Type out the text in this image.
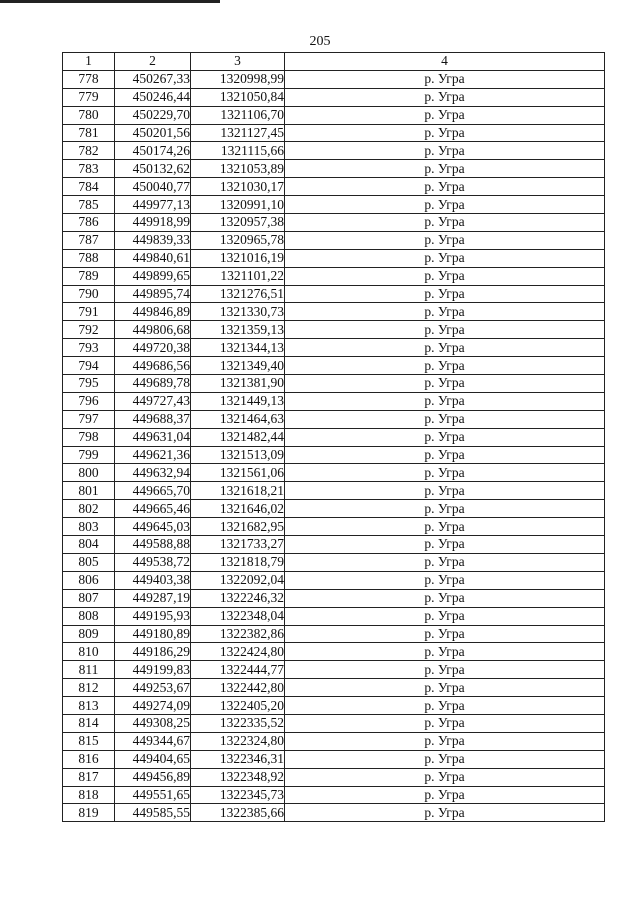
205
1	2	3	4
778	450267,33	1320998,99	р. Угра
779	450246,44	1321050,84	р. Угра
780	450229,70	1321106,70	р. Угра
781	450201,56	1321127,45	р. Угра
782	450174,26	1321115,66	р. Угра
783	450132,62	1321053,89	р. Угра
784	450040,77	1321030,17	р. Угра
785	449977,13	1320991,10	р. Угра
786	449918,99	1320957,38	р. Угра
787	449839,33	1320965,78	р. Угра
788	449840,61	1321016,19	р. Угра
789	449899,65	1321101,22	р. Угра
790	449895,74	1321276,51	р. Угра
791	449846,89	1321330,73	р. Угра
792	449806,68	1321359,13	р. Угра
793	449720,38	1321344,13	р. Угра
794	449686,56	1321349,40	р. Угра
795	449689,78	1321381,90	р. Угра
796	449727,43	1321449,13	р. Угра
797	449688,37	1321464,63	р. Угра
798	449631,04	1321482,44	р. Угра
799	449621,36	1321513,09	р. Угра
800	449632,94	1321561,06	р. Угра
801	449665,70	1321618,21	р. Угра
802	449665,46	1321646,02	р. Угра
803	449645,03	1321682,95	р. Угра
804	449588,88	1321733,27	р. Угра
805	449538,72	1321818,79	р. Угра
806	449403,38	1322092,04	р. Угра
807	449287,19	1322246,32	р. Угра
808	449195,93	1322348,04	р. Угра
809	449180,89	1322382,86	р. Угра
810	449186,29	1322424,80	р. Угра
811	449199,83	1322444,77	р. Угра
812	449253,67	1322442,80	р. Угра
813	449274,09	1322405,20	р. Угра
814	449308,25	1322335,52	р. Угра
815	449344,67	1322324,80	р. Угра
816	449404,65	1322346,31	р. Угра
817	449456,89	1322348,92	р. Угра
818	449551,65	1322345,73	р. Угра
819	449585,55	1322385,66	р. Угра
